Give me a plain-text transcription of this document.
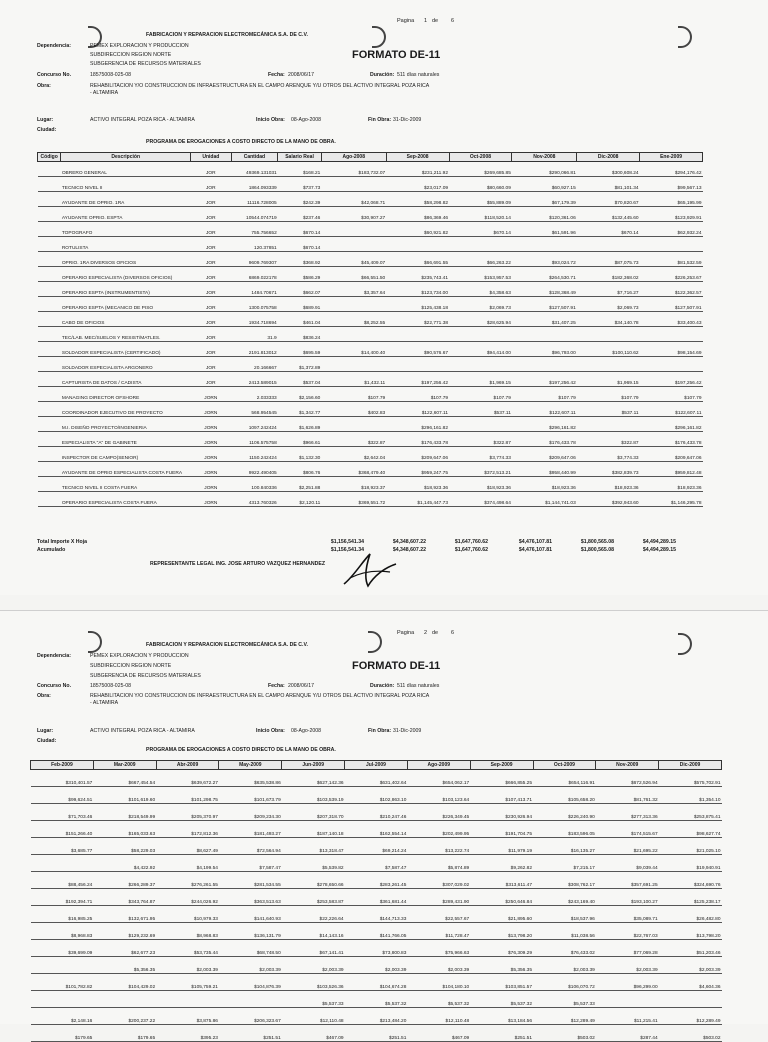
Pagina 1 de 6
FABRICACION Y REPARACION ELECTROMECÁNICA S.A. DE C.V.
Dependencia:	PEMEX EXPLORACION Y PRODUCCION
SUBDIRECCION REGION NORTE
SUBGERENCIA DE RECURSOS MATERIALES
FORMATO DE-11
Concurso No.	18575008-025-08	Fecha: 2008/06/17	Duración: 511 días naturales
Obra:	REHABILITACION Y/O CONSTRUCCION DE INFRAESTRUCTURA EN EL CAMPO ARENQUE Y/U OTROS DEL ACTIVO INTEGRAL POZA RICA
- ALTAMIRA
Lugar:	ACTIVO INTEGRAL POZA RICA - ALTAMIRA	Inicio Obra: 08-Ago-2008	Fin Obra: 31-Dic-2009
Ciudad:
PROGRAMA DE EROGACIONES A COSTO DIRECTO DE LA MANO DE OBRA.
Código	Descripción	Unidad	Cantidad	Salario Real	Ago-2008	Sep-2008	Oct-2008	Nov-2008	Dic-2008	Ene-2009
	OBRERO GENERAL	JOR	49369.131031	$168.21	$183,732.07	$231,211.92	$269,685.85	$290,066.81	$300,608.24	$294,176.42
	TECNICO NIVEL II	JOR	1864.093339	$737.73		$23,017.09	$80,660.09	$60,927.15	$81,101.34	$99,567.13
	AYUDANTE DE OPRIO. 1RA	JOR	11116.728005	$242.39	$42,068.71	$58,298.82	$55,889.09	$67,179.39	$70,820.67	$65,195.99
	AYUDANTE OPRIO. ESPTA	JOR	10544.074719	$237.46	$30,907.27	$86,369.46	$118,520.14	$120,361.06	$132,445.60	$123,929.91
	TOPOGRAFO	JOR	755.756652	$670.14		$60,921.82	$670.14	$61,591.96	$670.14	$62,932.24
	ROTULISTA	JOR	120.37851	$670.14						
	OPRIO. 1RA DIVERSOS OFICIOS	JOR	9609.769307	$368.92	$45,409.07	$66,691.55	$66,263.22	$93,024.72	$87,075.73	$81,532.59
	OPERARIO ESPECIALISTA (DIVERSOS OFICIOS)	JOR	6869.022178	$586.29	$66,551.50	$235,743.41	$153,957.53	$264,530.71	$182,368.02	$226,253.67
	OPERARIO ESPTA (INSTRUMENTISTA)	JOR	1484.70671	$662.07	$3,357.64	$123,734.00	$4,358.63	$128,368.49	$7,716.27	$122,362.57
	OPERARIO ESPTA (MECANICO DE PISO	JOR	1300.075758	$689.91		$125,438.18	$2,069.73	$127,507.91	$2,069.73	$127,507.91
	CABO DE OFICIOS	JOR	1934.718694	$461.04	$8,252.55	$22,771.38	$28,625.94	$31,407.25	$34,140.78	$33,400.43
	TEC/LAB. MEC/SUELOS Y RESIST/MATLES.	JOR	31.9	$836.24						
	SOLDADOR ESPECIALISTA (CERTIFICADO)	JOR	2191.813012	$695.59	$14,400.40	$90,576.67	$94,414.00	$96,793.00	$100,110.62	$98,154.69
	SOLDADOR ESPECIALISTA ARGONERO	JOR	20.166667	$1,372.89						
	CAPTURISTA DE DATOS / CADISTA	JOR	2413.589015	$537.04	$1,432.11	$197,256.42	$1,969.15	$197,256.42	$1,969.15	$197,256.42
	MANAGING DIRECTOR OFSHORE	JORN	2.033333	$2,156.60	$107.79	$107.79	$107.79	$107.79	$107.79	$107.79
	COORDINADOR EJECUTIVO DE PROYECTO	JORN	568.954545	$1,342.77	$402.83	$122,607.11	$537.11	$122,607.11	$537.11	$122,607.11
	M.I. DISEÑO PROYECTO/INGENIERIA	JORN	1097.242424	$1,626.89		$296,161.82		$296,161.82		$296,161.82
	ESPECIALISTA "A" DE GABINETE	JORN	1106.575758	$966.61	$322.87	$176,433.78	$322.87	$176,433.78	$322.87	$176,433.78
	INSPECTOR DE CAMPO(SENIOR)	JORN	1150.242424	$1,132.30	$2,642.04	$209,647.06	$3,774.33	$209,647.06	$3,774.33	$209,647.06
	AYUDANTE DE OPRIO ESPECIALISTA COSTA FUERA	JORN	9922.490405	$806.76	$368,479.40	$959,247.75	$372,513.21	$958,440.99	$382,839.73	$959,812.48
	TECNICO NIVEL II COSTA FUERA	JORN	100.840336	$2,251.88	$18,923.37	$18,923.36	$18,923.36	$18,923.36	$18,923.36	$18,923.36
	OPERARIO ESPECIALISTA COSTA FUERA	JORN	4313.760326	$2,120.11	$369,551.72	$1,145,447.73	$374,498.64	$1,144,741.03	$392,943.60	$1,146,295.78
REPRESENTANTE LEGAL ING. JOSE ARTURO VAZQUEZ HERNANDEZ
Total Importe X Hoja	$1,156,541.34	$4,348,607.22	$1,647,760.62	$4,476,107.81	$1,800,565.08	$4,494,289.15
Acumulado	$1,156,541.34	$4,348,607.22	$1,647,760.62	$4,476,107.81	$1,800,565.08	$4,494,289.15
Pagina 2 de 6
FABRICACION Y REPARACION ELECTROMECÁNICA S.A. DE C.V.
Dependencia:	PEMEX EXPLORACION Y PRODUCCION
SUBDIRECCION REGION NORTE
SUBGERENCIA DE RECURSOS MATERIALES
FORMATO DE-11
Concurso No.	18575008-025-08	Fecha: 2008/06/17	Duración: 511 días naturales
Obra:	REHABILITACION Y/O CONSTRUCCION DE INFRAESTRUCTURA EN EL CAMPO ARENQUE Y/U OTROS DEL ACTIVO INTEGRAL POZA RICA
- ALTAMIRA
Lugar:	ACTIVO INTEGRAL POZA RICA - ALTAMIRA	Inicio Obra: 08-Ago-2008	Fin Obra: 31-Dic-2009
Ciudad:
PROGRAMA DE EROGACIONES A COSTO DIRECTO DE LA MANO DE OBRA.
Feb-2009	Mar-2009	Abr-2009	May-2009	Jun-2009	Jul-2009	Ago-2009	Sep-2009	Oct-2009	Nov-2009	Dic-2009
$310,401.57	$667,454.54	$639,672.27	$635,538.86	$627,142.36	$631,402.64	$654,062.17	$666,855.25	$654,116.91	$672,526.94	$575,702.91
$99,624.51	$101,619.60	$101,298.75	$101,673.79	$103,539.19	$102,863.10	$103,123.64	$107,413.71	$105,658.20	$81,761.32	$1,354.10
$71,703.46	$218,549.99	$205,370.97	$209,234.30	$207,318.70	$210,247.46	$226,349.45	$230,926.94	$226,240.90	$277,313.36	$253,875.41
$151,266.40	$165,033.63	$172,812.36	$181,493.27	$187,140.18	$162,554.14	$202,499.95	$191,704.75	$183,596.05	$174,515.67	$98,627.74
$3,685.77	$58,229.03	$8,627.49	$72,564.94	$13,318.47	$69,214.24	$13,222.74	$11,979.19	$16,135.27	$21,695.22	$21,025.10
	$4,422.92	$4,199.54	$7,587.47	$5,539.82	$7,587.47	$5,874.89	$9,262.82	$7,215.17	$9,039.44	$19,940.91
$88,456.24	$266,289.37	$276,261.55	$281,534.55	$278,650.66	$283,261.45	$307,029.02	$313,611.47	$308,762.17	$357,691.25	$324,690.76
$192,394.71	$343,764.87	$244,026.92	$363,513.63	$253,583.87	$361,681.44	$289,431.90	$250,646.84	$243,169.40	$193,100.27	$125,238.17
$16,985.25	$132,671.95	$10,979.33	$141,640.93	$22,226.64	$144,713.33	$22,557.67	$21,895.60	$18,537.96	$35,089.71	$26,482.80
$8,968.83	$129,232.69	$8,968.83	$136,131.79	$14,143.16	$141,766.05	$11,728.47	$13,798.20	$11,038.56	$22,767.03	$13,798.20
$39,699.09	$62,677.23	$53,735.44	$68,748.50	$67,141.41	$73,800.83	$75,966.63	$76,309.29	$76,433.02	$77,069.28	$51,203.46
	$5,356.35	$2,003.39	$2,003.39	$2,003.39	$2,003.39	$2,003.39	$5,356.35	$2,003.39	$2,003.39	$2,003.39
$101,782.82	$104,429.02	$105,759.21	$104,876.39	$103,526.36	$104,674.28	$104,180.10	$103,851.57	$106,070.72	$96,299.00	$4,604.36
				$5,537.33	$5,537.32	$5,537.32	$5,537.32	$5,537.33		
$2,148.16	$200,237.22	$3,875.86	$206,323.67	$12,110.48	$213,484.20	$12,110.48	$13,184.56	$12,289.49	$11,215.41	$12,289.49
$179.65	$179.65	$395.23	$251.51	$467.09	$251.51	$467.09	$251.51	$503.02	$287.44	$503.02
